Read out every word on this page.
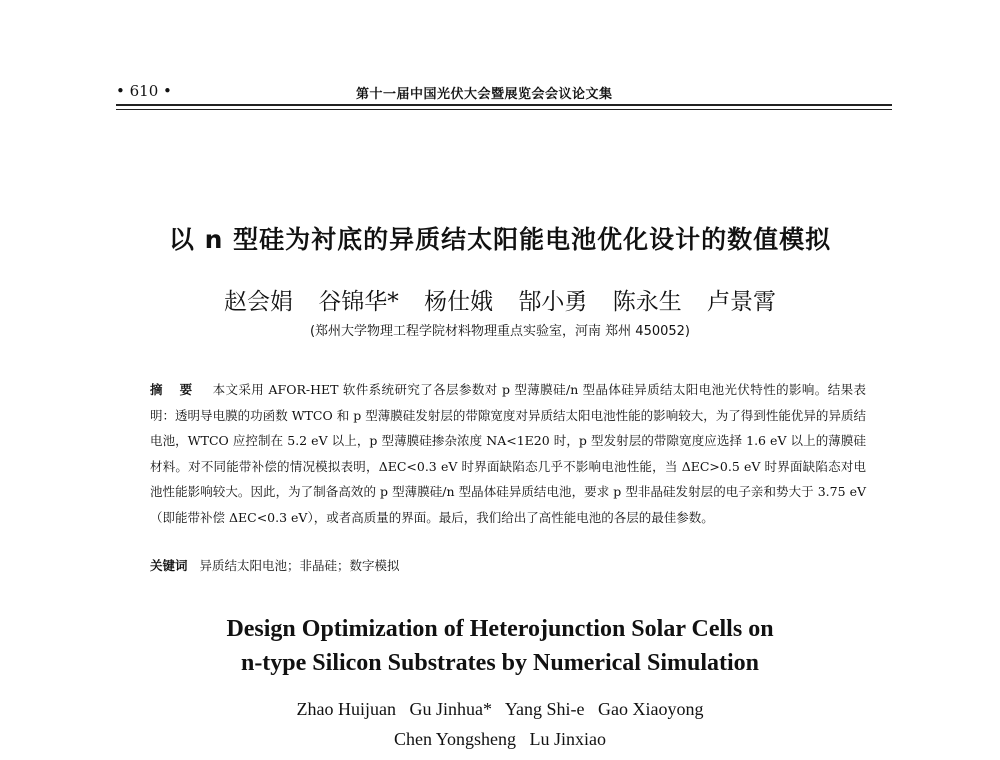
• 610 •	第十一届中国光伏大会暨展览会会议论文集
以 n 型硅为衬底的异质结太阳能电池优化设计的数值模拟
赵会娟 谷锦华* 杨仕娥 郜小勇 陈永生 卢景霄
(郑州大学物理工程学院材料物理重点实验室，河南 郑州 450052)
摘 要 本文采用 AFOR-HET 软件系统研究了各层参数对 p 型薄膜硅/n 型晶体硅异质结太阳电池光伏特性的影响。结果表明：透明导电膜的功函数 WTCO 和 p 型薄膜硅发射层的带隙宽度对异质结太阳电池性能的影响较大，为了得到性能优异的异质结电池，WTCO 应控制在 5.2 eV 以上，p 型薄膜硅掺杂浓度 NA<1E20 时，p 型发射层的带隙宽度应选择 1.6 eV 以上的薄膜硅材料。对不同能带补偿的情况模拟表明，ΔEC<0.3 eV 时界面缺陷态几乎不影响电池性能，当 ΔEC>0.5 eV 时界面缺陷态对电池性能影响较大。因此，为了制备高效的 p 型薄膜硅/n 型晶体硅异质结电池，要求 p 型非晶硅发射层的电子亲和势大于 3.75 eV（即能带补偿 ΔEC<0.3 eV），或者高质量的界面。最后，我们给出了高性能电池的各层的最佳参数。
关键词 异质结太阳电池；非晶硅；数字模拟
Design Optimization of Heterojunction Solar Cells on
n-type Silicon Substrates by Numerical Simulation
Zhao Huijuan   Gu Jinhua*   Yang Shi-e   Gao Xiaoyong
Chen Yongsheng   Lu Jinxiao
